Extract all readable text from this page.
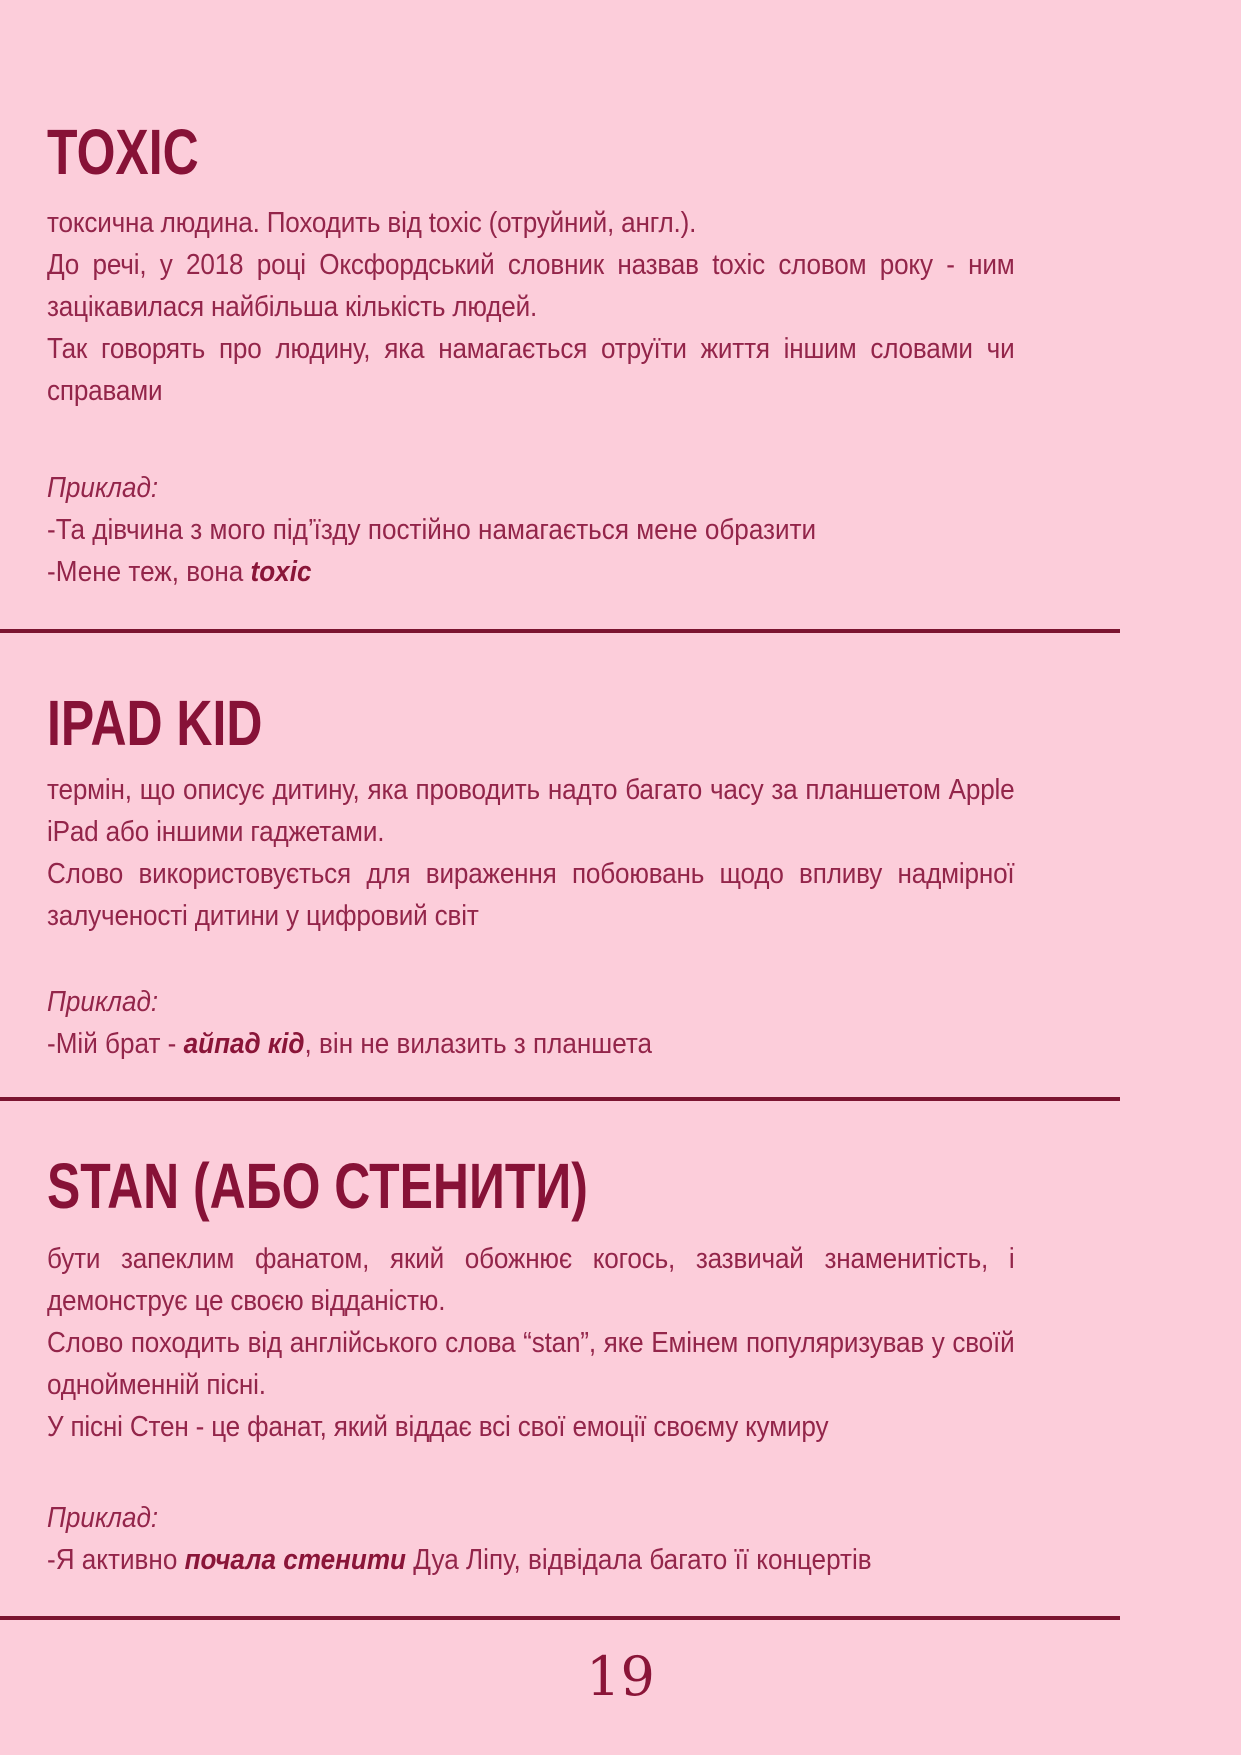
TOXIC

токсична людина. Походить від toxic (отруйний, англ.).

До речі, у 2018 році Оксфордський словник назвав toxic словом року - ним зацікавилася найбільша кількість людей.

Так говорять про людину, яка намагається отруїти життя іншим словами чи справами

Приклад:

-Та дівчина з мого під’їзду постійно намагається мене образити

-Мене теж, вона toxic

IPAD KID

термін, що описує дитину, яка проводить надто багато часу за планшетом Apple iPad або іншими гаджетами.

Слово використовується для вираження побоювань щодо впливу надмірної залученості дитини у цифровий світ

Приклад:

-Мій брат - айпад кід, він не вилазить з планшета

STAN (АБО СТЕНИТИ)

бути запеклим фанатом, який обожнює когось, зазвичай знаменитість, і демонструє це своєю відданістю.

Слово походить від англійського слова “stan”, яке Емінем популяризував у своїй однойменній пісні.

У пісні Стен - це фанат, який віддає всі свої емоції своєму кумиру

Приклад:

-Я активно почала стенити Дуа Ліпу, відвідала багато її концертів

19
